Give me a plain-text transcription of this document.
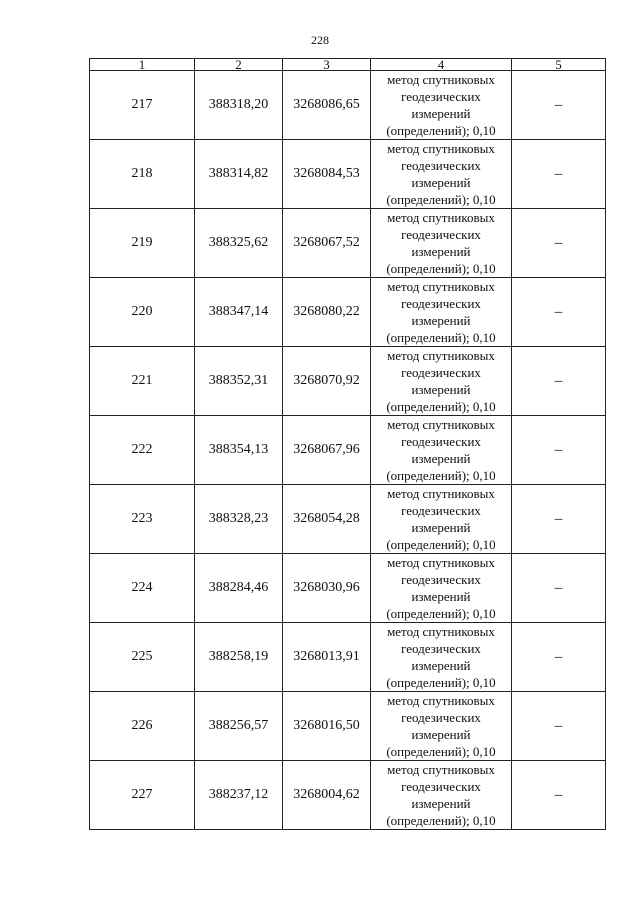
228
1	2	3	4	5
217	388318,20	3268086,65	метод спутниковых
геодезических
измерений
(определений); 0,10	–
218	388314,82	3268084,53	метод спутниковых
геодезических
измерений
(определений); 0,10	–
219	388325,62	3268067,52	метод спутниковых
геодезических
измерений
(определений); 0,10	–
220	388347,14	3268080,22	метод спутниковых
геодезических
измерений
(определений); 0,10	–
221	388352,31	3268070,92	метод спутниковых
геодезических
измерений
(определений); 0,10	–
222	388354,13	3268067,96	метод спутниковых
геодезических
измерений
(определений); 0,10	–
223	388328,23	3268054,28	метод спутниковых
геодезических
измерений
(определений); 0,10	–
224	388284,46	3268030,96	метод спутниковых
геодезических
измерений
(определений); 0,10	–
225	388258,19	3268013,91	метод спутниковых
геодезических
измерений
(определений); 0,10	–
226	388256,57	3268016,50	метод спутниковых
геодезических
измерений
(определений); 0,10	–
227	388237,12	3268004,62	метод спутниковых
геодезических
измерений
(определений); 0,10	–
